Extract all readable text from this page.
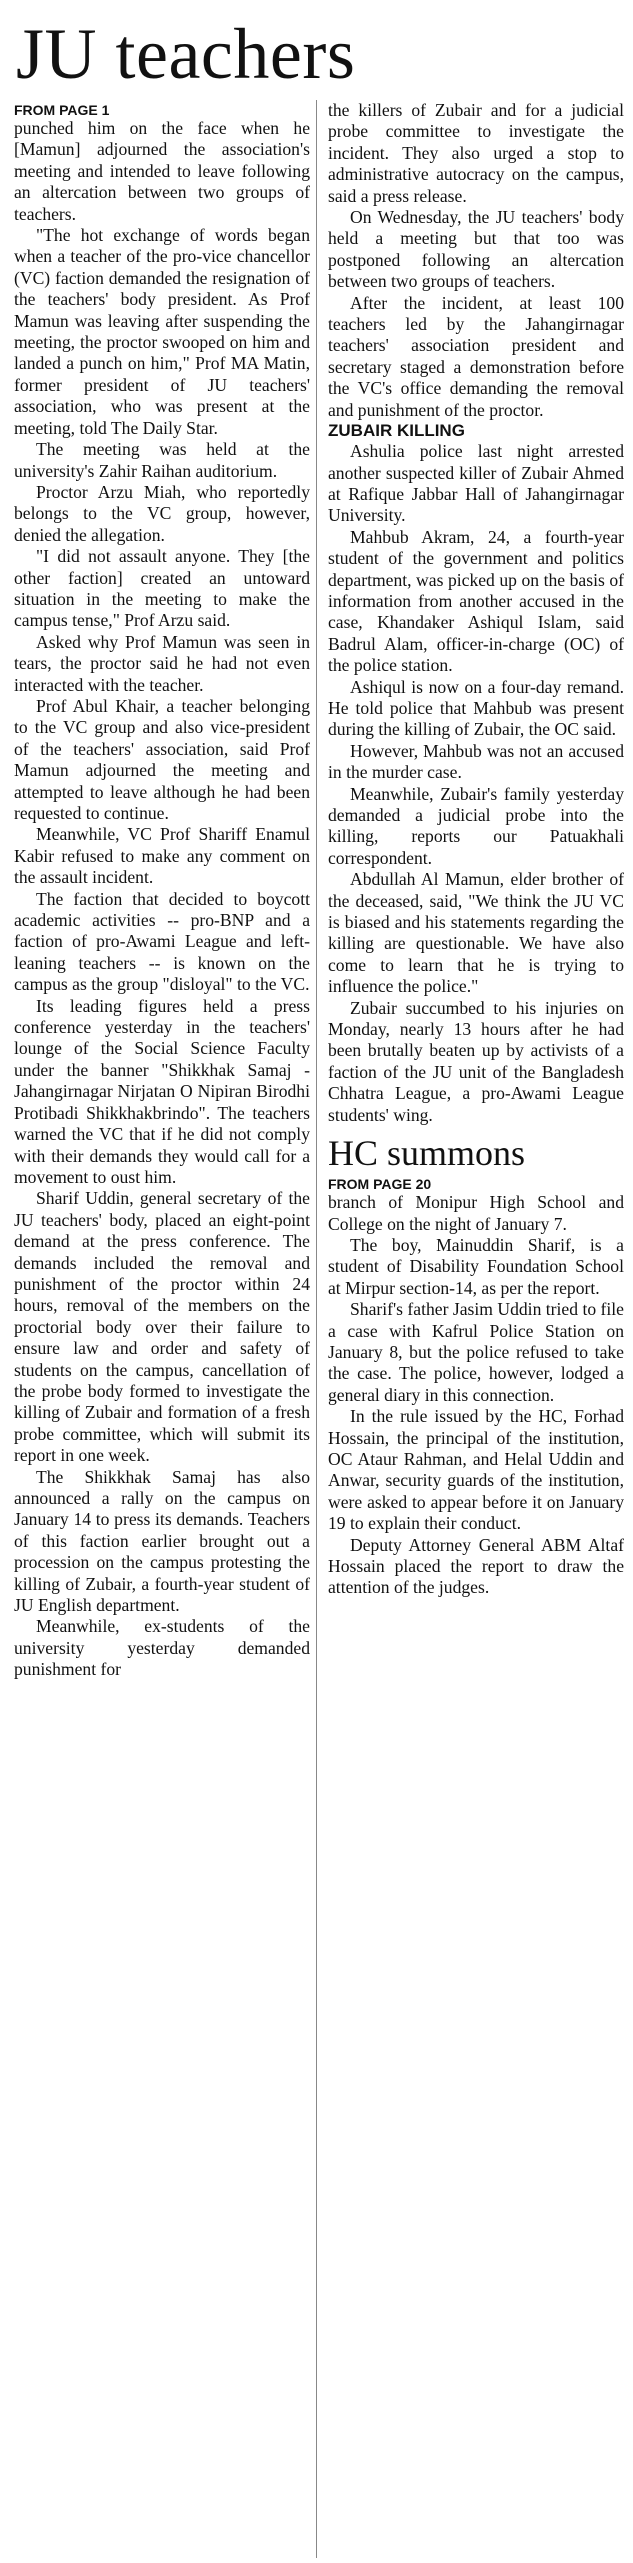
JU teachers
FROM PAGE 1

punched him on the face when he [Mamun] adjourned the association's meeting and intended to leave following an altercation between two groups of teachers.

"The hot exchange of words began when a teacher of the pro-vice chancellor (VC) faction demanded the resignation of the teachers' body president. As Prof Mamun was leaving after suspending the meeting, the proctor swooped on him and landed a punch on him," Prof MA Matin, former president of JU teachers' association, who was present at the meeting, told The Daily Star.

The meeting was held at the university's Zahir Raihan auditorium.

Proctor Arzu Miah, who reportedly belongs to the VC group, however, denied the allegation.

"I did not assault anyone. They [the other faction] created an untoward situation in the meeting to make the campus tense," Prof Arzu said.

Asked why Prof Mamun was seen in tears, the proctor said he had not even interacted with the teacher.

Prof Abul Khair, a teacher belonging to the VC group and also vice-president of the teachers' association, said Prof Mamun adjourned the meeting and attempted to leave although he had been requested to continue.

Meanwhile, VC Prof Shariff Enamul Kabir refused to make any comment on the assault incident.

The faction that decided to boycott academic activities -- pro-BNP and a faction of pro-Awami League and left-leaning teachers -- is known on the campus as the group "disloyal" to the VC.

Its leading figures held a press conference yesterday in the teachers' lounge of the Social Science Faculty under the banner "Shikkhak Samaj - Jahangirnagar Nirjatan O Nipiran Birodhi Protibadi Shikkhakbrindo". The teachers warned the VC that if he did not comply with their demands they would call for a movement to oust him.

Sharif Uddin, general secretary of the JU teachers' body, placed an eight-point demand at the press conference. The demands included the removal and punishment of the proctor within 24 hours, removal of the members on the proctorial body over their failure to ensure law and order and safety of students on the campus, cancellation of the probe body formed to investigate the killing of Zubair and formation of a fresh probe committee, which will submit its report in one week.

The Shikkhak Samaj has also announced a rally on the campus on January 14 to press its demands. Teachers of this faction earlier brought out a procession on the campus protesting the killing of Zubair, a fourth-year student of JU English department.

Meanwhile, ex-students of the university yesterday demanded punishment for

the killers of Zubair and for a judicial probe committee to investigate the incident. They also urged a stop to administrative autocracy on the campus, said a press release.

On Wednesday, the JU teachers' body held a meeting but that too was postponed following an altercation between two groups of teachers.

After the incident, at least 100 teachers led by the Jahangirnagar teachers' association president and secretary staged a demonstration before the VC's office demanding the removal and punishment of the proctor.

ZUBAIR KILLING

Ashulia police last night arrested another suspected killer of Zubair Ahmed at Rafique Jabbar Hall of Jahangirnagar University.

Mahbub Akram, 24, a fourth-year student of the government and politics department, was picked up on the basis of information from another accused in the case, Khandaker Ashiqul Islam, said Badrul Alam, officer-in-charge (OC) of the police station.

Ashiqul is now on a four-day remand. He told police that Mahbub was present during the killing of Zubair, the OC said.

However, Mahbub was not an accused in the murder case.

Meanwhile, Zubair's family yesterday demanded a judicial probe into the killing, reports our Patuakhali correspondent.

Abdullah Al Mamun, elder brother of the deceased, said, "We think the JU VC is biased and his statements regarding the killing are questionable. We have also come to learn that he is trying to influence the police."

Zubair succumbed to his injuries on Monday, nearly 13 hours after he had been brutally beaten up by activists of a faction of the JU unit of the Bangladesh Chhatra League, a pro-Awami League students' wing.

HC summons
FROM PAGE 20

branch of Monipur High School and College on the night of January 7.

The boy, Mainuddin Sharif, is a student of Disability Foundation School at Mirpur section-14, as per the report.

Sharif's father Jasim Uddin tried to file a case with Kafrul Police Station on January 8, but the police refused to take the case. The police, however, lodged a general diary in this connection.

In the rule issued by the HC, Forhad Hossain, the principal of the institution, OC Ataur Rahman, and Helal Uddin and Anwar, security guards of the institution, were asked to appear before it on January 19 to explain their conduct.

Deputy Attorney General ABM Altaf Hossain placed the report to draw the attention of the judges.
